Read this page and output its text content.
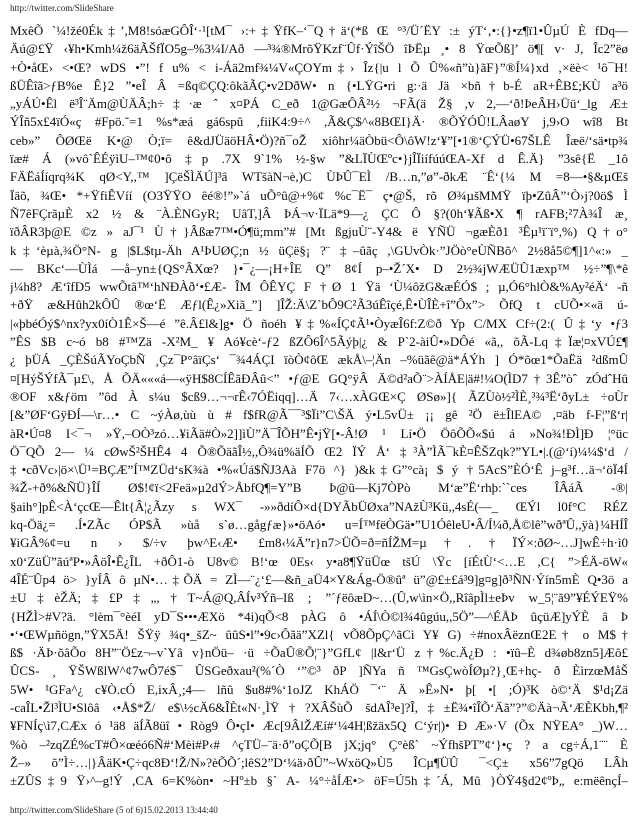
http://twitter.com/SlideShare
MxêÕ `¼!žé0Ék‡’,M8!sóæGÔÎ‘·¹[tM¯ ›:+‡ŸfK–‘¯Q†ä‘(*ß Œ °³/Ü´ËY :± ýT‘‚•:{}•z¶ï1•ÛµÚ È fDq—
Äú@£Ÿ ‹¥h•Kmh¼ž6äÃŠfÏO5g–%3¼I/Að —³¾®MrõŸKzf¨Ûf·ÝîŠÖ îÞËµ ¸• 8 ŸœÕß]’ ö¶[ v· J, Îc2”ëø
+Ò•åŒ› <•Œ? wDS •”! f u% < i-Áä2mf¾¼V«ÇOYm‡› Îz{|u l Õ Û%«ñ”ù}ãF}”®Í¼}xd ‚×ëè< ¹ô¯H!
ßÜÊîã>ƒB%e Ê}2 ”•eÎ Â =ßq©ÇQ:ôkãÃÇ•v2DðW• n {•LŸG•ri g:·ä Jä ×bñ†b-É aR+ÊB£;KÙ a³ö
„yÁÚ•Êl ë³Î¨Äm@ÙÄÂ;h÷‡·æ ˆ x¤PÁ C_eð 1@GæÔÂ²½ ¬FÃ(ä Ž§ ,v 2,—‘ð!ÞeÂH›Üü‘_lg Æ±
ÝÎñ5x£4ïÓ«ç #Fpö.˜=1 %s*æá gá6spû ,fiiK4:9÷^ ,Ã&Ç$^«8BŒI}Ä· ®ÕÝÓÛ!LÂaøY j,9›O wî8 Bt
ceb»” ÔØŒë K•@ Ò;ï= ê&dJÜäöHÂ•Ö)?ñ¯oŽ xiôhr¼äÒbü<Ô\ôW!z‘¥”[•1®‘ÇÝÜ•67ŠLÊ Îæë/‘sä•tp¾
ïæ# Á (»vô`ÊÉÿìU–™¢0•ô ‡p .7X 9`1% ½-§w ”&LÏÙŒºc•}jÎÏiífúúŒA-Xf d Ê.Ä} ”3sê{Ë _1ô
FÄËáÍíqrq¾K qØ<Y,,™ ]ÇëŠÌÄÚ]³â WTšàN¬è,)C ÙÞÛ¯EÌ /B…n,”ø”-ðkÆ ¨Ê‘{¼ M =8—•§&µŒš
Ïäõ, ¾Œ• *+ŸfiÊVíí (O3ŸŸO êé®!”»`á uÕ°û@+%¢ %c¯Ë¯ ç•@Š, rõ Ø¾µšMMŸ ïþ•ZûÂ”‘Ò›j?0ö$ Ì
Ñ7êFÇrãµÈ x2 ½ & ¨À.ÈNGyR; UâT,]Â ÞÁ¬v·ÏLä*9—¿ ÇC Ô §?(0h‘¥Ãß•X ¶ rAFB;²7À¾Î æ¸
ïðÂR3þ@E ©z » aJ¯¹ Ù†}Âßæ7™•Ó¶ü;mm”# [Mt ßgjuÙ¨-Y4& ë YÑÜ ¬gæÈð1 ³Êµ¹ï¨ï°,%) Q†o°
k‡‘èµà,¾Ö°N- g |$L$tµ-Äh A¹ÞUØÇ;n ½ üÇë§¡ ?¨ ‡–ûãç ,\GUvÒk·”JÖò°eÙÑBõ^ 2½8å5©¶]1^«:» _
— BKc‘—ÙÌá —å–yn±{QS°ÂXœ? }•¯¿—¡H+ÎE Q” 8¢Í p–•Ž´X• D 2½¾jWÆÜÛ1æxp™ ½÷”¶\*ê
j¼h8? Æ‘îfD5 wwÕtâ™‘hNÐÀð‘•£Æ- ÎM ÔÊYÇ F †Ø 1 Ÿä ‘Ù¼ôžG&æÉÓ$ ; µ,Ó6°hlÒ&%Ay²éÄ‘ -ñ
+ðŸ æ&Hûh2kÔÛ ®œ‘Ë Æƒl(Ê¿»Xiã_”] ]ÎŽ:Ä\Z`bÔ9C²Ã3úÊîçé,Ê•ÙÎÈ+î”Ôx”> ÕfQ t cUÕ•×«ä ú-
|«þbéÓý$^nx?yx0íÒ1Ê×Š—é ”ê.Â£l&]g• Ö ñoéh ¥‡%«ÍÇ¢Ã¹•ÒyæÎ6f:Z©ð Yp C/MX Cf÷(2:( Û‡‘y •ƒ3
”ÊS $B c~ó b8 #™Zä -X²M_ ¥ Aó¥cè‘-ƒ2 ßZÔ6Î^5Ãýþ|¿ & P`2-àiÛ•»DÔé «ã,, õÃ-Lq‡Ïæ¦¤xVÚ£¶
¿ þÜÁ _ÇÈŠúÃYoÇbÑ ¸Çz¯P°âïÇs‘ ¯¾4ÁÇI ïòÒ¢ôŒ ækÅ\–¦Än –%üãê@ä*ÁÝh ] Ó*õœ1*ÕaËä ²dßmÛ
¤[HýŠÝfÃ¯µ£\, Å ÕÄ«««á—«ÿH$8CÍÊãÐÂû<” •ƒ@E GQ°ÿÂ Ä©d²aÕ¨>ÀÍÅE|ä#!¼O(ÌD7†3Ê”òˆ zÓdˆHû
®OF x&ƒöm ”ôd À s¼u $cß9…¬¬rÊ‹7ÓËiqq]…Ä 7‹…xÀGŒ×Ç ØSø»]{ ÃZÙò½²ÌÈ¸³¾³Ë‘ðyL± ÷oÙr
[&”ØF‘GÿÐÍ—\r…• C ~ýÀø,ùù ù # f$fR@Ã¯¯³$Ïi”C\ŠÄ ý•L5vÜ± ¡¡ gê ²Ö ë±ÎlEA© ,¤äb f-F¦”ß‘r|
àR•Ú¤8 I<¯¬ »Ÿ,–OÒ³zó…¥iÃä#Ò»2]]ìÙ”Ä¯ÎÕH”Ê•jŸ[•-Â!Ø ¹ Lí•Ö ÖôÕÕ«$ú á »No¾!ÐÌ]Ð ¦°üc
Ö¯QÕ 2— ¼ cØwŠ²ŠHÊ4 4 Õ®ÕäãÎ½,,Ô¾ü%äÍÕ Œ2 ÏÝ Å‘ ‡³À”ÌÃ¯kÈ¤ÊŠZqk?”YL•|.(@‘í)¼¼$‘d /
‡•cðVc›|ö×\Ü¹=BÇÆ”Í™ZÜd‘sK¾à •%«Úá$ÑJ3Aà F7ö ^} )&k‡G”°cà¡ $ ý †5AcS”ÈÓ‘Ê j–g³f…ä¬‘öÏ4Í
¾Ž-+ð%&ÑÜ}ÎÍ Ø$!¢ï<2Feä»µ2dÝ>ÅbfQ¶=Y”B Þ@û—Kj7ÒPò M‘æ”Ë‘rhþ:``ces ÎÂáÃ -®|
§aih°]pÊ<À‘çcŒ—Êlt{Â¦¿Ãzy s WX¯ -»»ðdíÔ×d{DYÃbÜØxa”NAžÙ³Kü,,4sÉ(—_ ŒÝl l0f°C RÉZ
kq-Öä¿= .Í•ZÃc ÓP$Ã »ùå s`ø…gågƒæ}»•öAó• u=Í™fëÒGä•”U1ÓêleU•Â/Í¼ð,Å©lê”wðªÛ,,ÿà}¼HÍÎ
¥iGÂ%¢=u n › $/÷v þw^E‹Æ• £m8‹¼Ä”r}n7>ÜÕ=ð=ñÍŽM=µ†.†ÏÝ×:ðØ~…J]wÊ÷h·ì0
x0‘ZüÜ”ãúªP•»ÂöÎ•Ê¿ÎL +ðÔ1-ò U8v© B!‘œ 0Es‹ y•a8¶ŸüÜœ tšÚ \Ÿc [íÉtÙ‘<…E ,C{ ”>ÉÄ-öW«
4ÎÉ¨Ûp4 ö> }yÍÂ ô µN•…‡ÕÄ = ZÌ—¨¿‘£—&ñ_aÜ4×Y&Ág-Ö®ûª ü”@£±£á³9]g¤g]ð³ÑN·Ýín5mÈ Q•3ö a
±U‡èŽÄ;‡£P‡„,†T~Á@Q,ÂÍv³Ýñ–Iß ; ”´ƒëôæD~…(Û,w\ìn×Ö,,RîâpÌl±eÞv w_5¦¨ã9”¥ÉÝEŸ%
{HŽÌ>#V?ä. °lèm¯°èéI yD¯S•••ÆXö *4i)qÕ<8 pÀG ô •ÁÍ\Ò©l¾4ûgúu,,5Ö”—^ÉÅÞ ûçüÆ]yÝÈ â Þ
•‘•ŒWµñögn,”ŸX5Ä! ŠŸÿ ¾q•_šZ~ ûûS•l”•9c›Ôãä”XZl{ vÕ8ÕpÇ^ãCì Y¥ G) ÷#noxÂëznŒ2E† o M$†
ß$ ·ÄÞ·õâÕo 8H”¨Ö£z¬–v`Yâ v}nÖü– ·ü ÷ÕaÛ®Õ¦¨}”GfL¢ |l&r‘Ü z†%c.Ä¿Ð : •ïû–È d¾øb8zn5]Æô£
ÛCS- ¸ ŸŠWßlW^¢7wÔ7é$¯ ÛSGeðxau²(%´Ò ‘”©³ ðP ]ÑYa ñ ™GsÇwòÍØµ?}¸Œ+hç- ð ÈìrzœMåŠ
5W• ¹GFa^¿ c¥Ò.cÓ E,ixÂ¸;4— lñû $u8#%‘1oJZ KhÁÖ ¯‘¨ Ä »Ê»N• þ[ •[ ;Ó)³K ò©‘Ä $¹d¡Zä
-caÎL•Žl³ÌU•Slôâ ‹•Å$*Ž/ e$\½cÄ6&ÎÈt«N·¸ÌŸ†?XÂŠùÕ šdAÎ³e]?Î,‡±Ë¾•îÎÕ‘Äã”?”©Äà¬Ã‘ÆÈKbh,¶²
¥FNÍç\ì7,CÆx ó ¹ä8 äÍÃ8üî • Ròg9 Ô•çI• Æc[9ÂlŽÆí#‘¼4H¦ßžäx5Q C‘ýr|)• Ð Æ»·V (Õx NŸEA° _)W…
%ò –²zqZÉ%cT#Ô×œéó6Ñ#‘Mèi#P‹# ^çTÜ–¨ä·ð”oÇÕ[B jX;jq° Ç°èß` ~ÝfhšPT”¢‘}•ç ? a cg÷Á,1¨¨ È
Ž–» õ”Ì÷…|}ÂäK•Ç÷qc8Ð‘!Ž/N»?èÕÕ´;lêS2”D‘¼ä›ðÛ”~WxöQ»Ù5 ÎCµ¶ÜÛ ¯<Ç± x56”7gQö LÂh
±ZÛS‡9 Ÿ›^–g!Ý ,CA 6=K%òn• ~Hº±b §` A- ¼°÷åÍÆ•> öF=Ú5h‡´Á, Mû }ÒŸ4§d2¢ºÞ„ e:mëênçÍ–
http://twitter.com/SlideShare (5 of 6)15.02.2013 13:44:40
